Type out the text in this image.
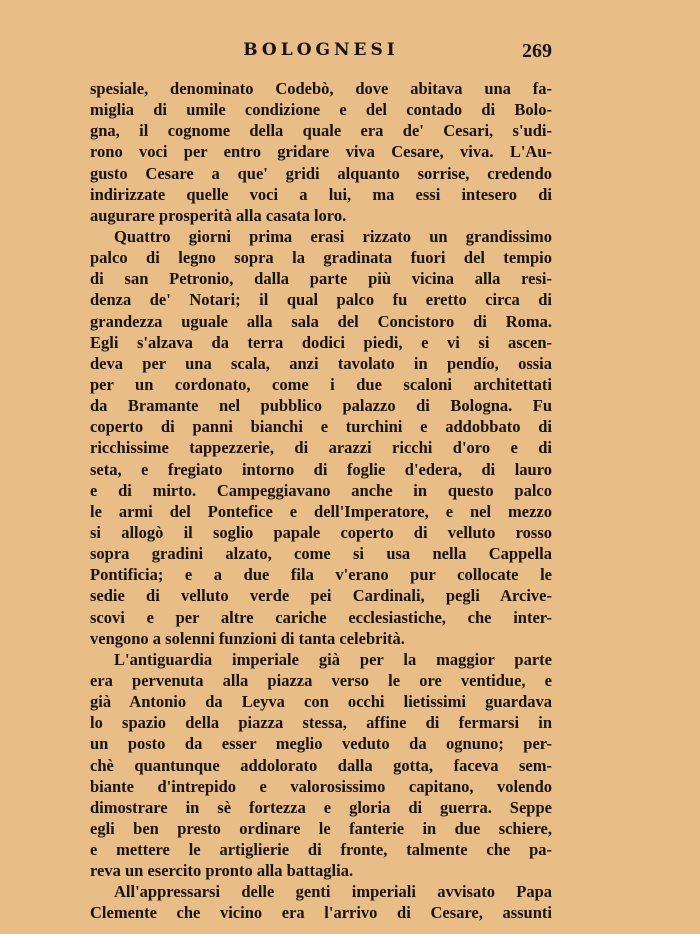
BOLOGNESI	269
spesiale, denominato Codebò, dove abitava una fa-
miglia di umile condizione e del contado di Bolo-
gna, il cognome della quale era de' Cesari, s'udi-
rono voci per entro gridare viva Cesare, viva. L'Au-
gusto Cesare a que' gridi alquanto sorrise, credendo
indirizzate quelle voci a lui, ma essi intesero di
augurare prosperità alla casata loro.
Quattro giorni prima erasi rizzato un grandissimo
palco di legno sopra la gradinata fuori del tempio
di san Petronio, dalla parte più vicina alla resi-
denza de' Notari; il qual palco fu eretto circa di
grandezza uguale alla sala del Concistoro di Roma.
Egli s'alzava da terra dodici piedi, e vi si ascen-
deva per una scala, anzi tavolato in pendío, ossia
per un cordonato, come i due scaloni architettati
da Bramante nel pubblico palazzo di Bologna. Fu
coperto di panni bianchi e turchini e addobbato di
ricchissime tappezzerie, di arazzi ricchi d'oro e di
seta, e fregiato intorno di foglie d'edera, di lauro
e di mirto. Campeggiavano anche in questo palco
le armi del Pontefice e dell'Imperatore, e nel mezzo
si allogò il soglio papale coperto di velluto rosso
sopra gradini alzato, come si usa nella Cappella
Pontificia; e a due fila v'erano pur collocate le
sedie di velluto verde pei Cardinali, pegli Arcive-
scovi e per altre cariche ecclesiastiche, che inter-
vengono a solenni funzioni di tanta celebrità.
L'antiguardia imperiale già per la maggior parte
era pervenuta alla piazza verso le ore ventidue, e
già Antonio da Leyva con occhi lietissimi guardava
lo spazio della piazza stessa, affine di fermarsi in
un posto da esser meglio veduto da ognuno; per-
chè quantunque addolorato dalla gotta, faceva sem-
biante d'intrepido e valorosissimo capitano, volendo
dimostrare in sè fortezza e gloria di guerra. Seppe
egli ben presto ordinare le fanterie in due schiere,
e mettere le artiglierie di fronte, talmente che pa-
reva un esercito pronto alla battaglia.
All'appressarsi delle genti imperiali avvisato Papa
Clemente che vicino era l'arrivo di Cesare, assunti
